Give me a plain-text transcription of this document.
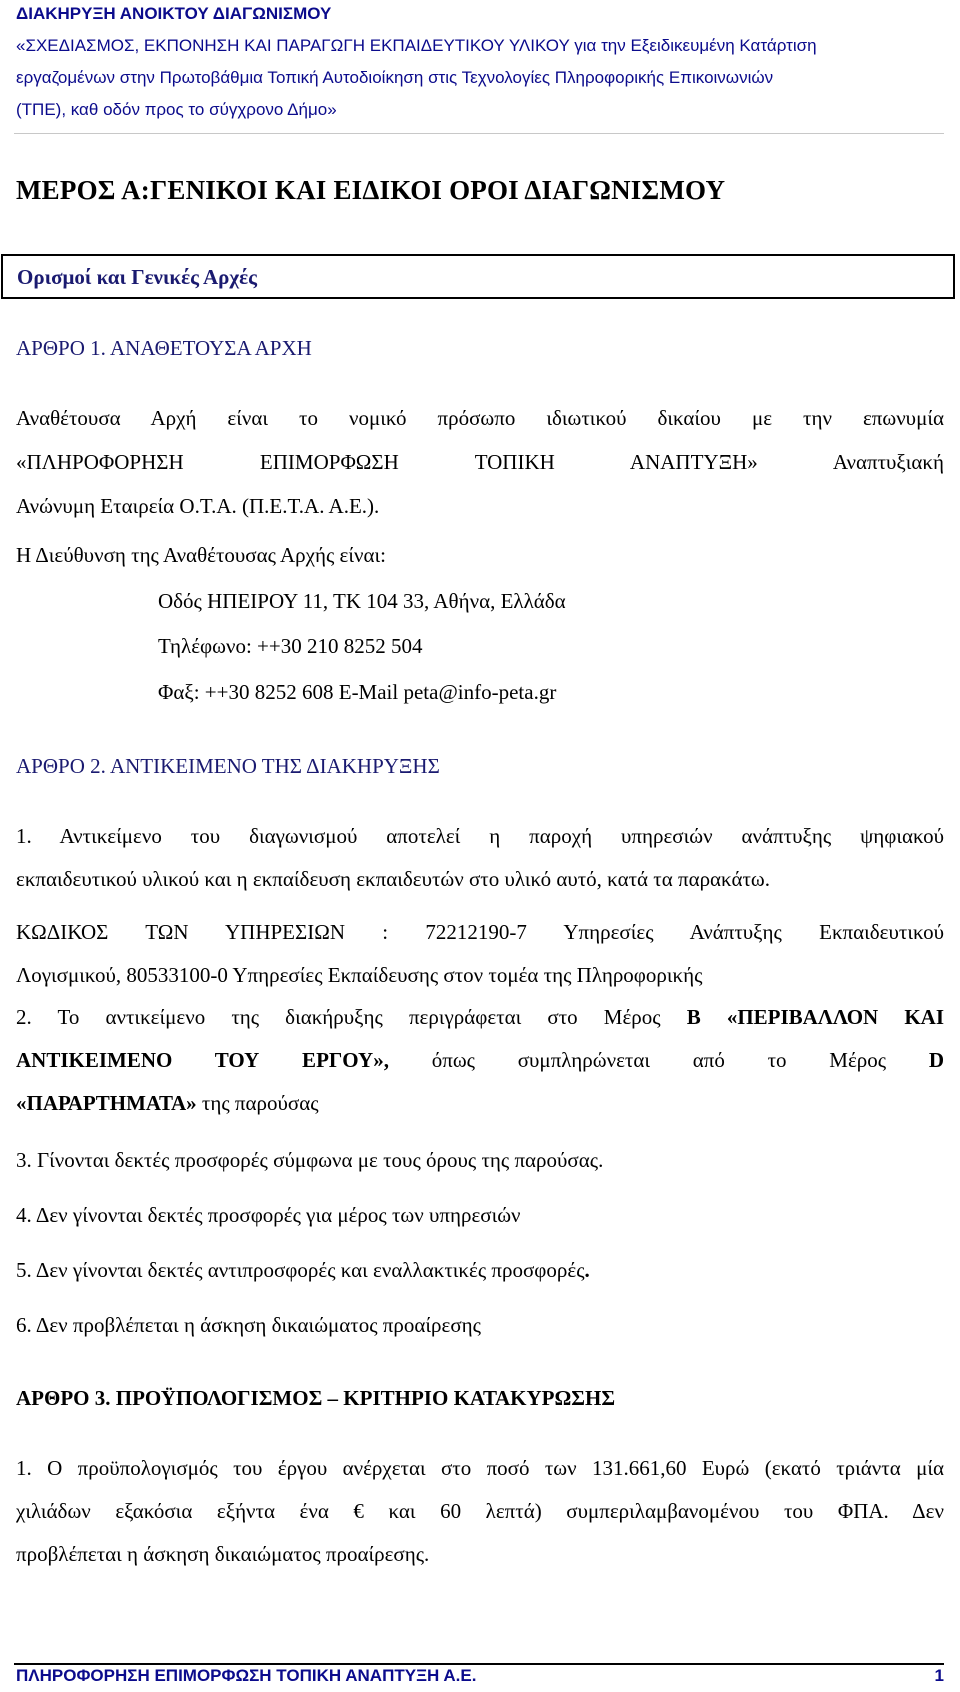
ΔΙΑΚΗΡΥΞΗ ΑΝΟΙΚΤΟΥ ΔΙΑΓΩΝΙΣΜΟΥ
«ΣΧΕΔΙΑΣΜΟΣ, ΕΚΠΟΝΗΣΗ ΚΑΙ ΠΑΡΑΓΩΓΗ ΕΚΠΑΙΔΕΥΤΙΚΟΥ ΥΛΙΚΟΥ για την Εξειδικευμένη Κατάρτιση
εργαζομένων στην Πρωτοβάθμια Τοπική Αυτοδιοίκηση στις Τεχνολογίες Πληροφορικής Επικοινωνιών
(ΤΠΕ), καθ οδόν προς το σύγχρονο Δήμο»
ΜΕΡΟΣ Α:ΓΕΝΙΚΟΙ ΚΑΙ ΕΙΔΙΚΟΙ ΟΡΟΙ ΔΙΑΓΩΝΙΣΜΟΥ
Ορισμοί και Γενικές Αρχές

ΑΡΘΡΟ 1. ΑΝΑΘΕΤΟΥΣΑ ΑΡΧΗ

Αναθέτουσα Αρχή είναι το νομικό πρόσωπο ιδιωτικού δικαίου με την επωνυμία

«ΠΛΗΡΟΦΟΡΗΣΗ ΕΠΙΜΟΡΦΩΣΗ ΤΟΠΙΚΗ ΑΝΑΠΤΥΞΗ» Αναπτυξιακή

Ανώνυμη Εταιρεία Ο.Τ.Α. (Π.Ε.Τ.Α. Α.Ε.).

Η Διεύθυνση της Αναθέτουσας Αρχής είναι:

Οδός ΗΠΕΙΡΟΥ 11, ΤΚ 104 33, Αθήνα, Ελλάδα

Τηλέφωνο: ++30 210 8252 504

Φαξ: ++30 8252 608 E-Mail peta@info-peta.gr

ΑΡΘΡΟ 2. ΑΝΤΙΚΕΙΜΕΝΟ ΤΗΣ ΔΙΑΚΗΡΥΞΗΣ

1. Αντικείμενο του διαγωνισμού αποτελεί η παροχή υπηρεσιών ανάπτυξης ψηφιακού

εκπαιδευτικού υλικού και η εκπαίδευση εκπαιδευτών στο υλικό αυτό, κατά τα παρακάτω.

ΚΩΔΙΚΟΣ ΤΩΝ ΥΠΗΡΕΣΙΩΝ : 72212190-7 Υπηρεσίες Ανάπτυξης Εκπαιδευτικού

Λογισμικού, 80533100-0 Υπηρεσίες Εκπαίδευσης στον τομέα της Πληροφορικής

2. Το αντικείμενο της διακήρυξης περιγράφεται στο Μέρος Β «ΠΕΡΙΒΑΛΛΟΝ ΚΑΙ

ΑΝΤΙΚΕΙΜΕΝΟ ΤΟΥ ΕΡΓΟΥ», όπως συμπληρώνεται από το Μέρος D

«ΠΑΡΑΡΤΗΜΑΤΑ» της παρούσας

3. Γίνονται δεκτές προσφορές σύμφωνα με τους όρους της παρούσας.

4. Δεν γίνονται δεκτές προσφορές για μέρος των υπηρεσιών

5. Δεν γίνονται δεκτές αντιπροσφορές και εναλλακτικές προσφορές.

6. Δεν προβλέπεται η άσκηση δικαιώματος προαίρεσης

ΑΡΘΡΟ 3. ΠΡΟΫΠΟΛΟΓΙΣΜΟΣ – ΚΡΙΤΗΡΙΟ ΚΑΤΑΚΥΡΩΣΗΣ

1. Ο προϋπολογισμός του έργου ανέρχεται στο ποσό των 131.661,60 Ευρώ (εκατό τριάντα μία

χιλιάδων εξακόσια εξήντα ένα € και 60 λεπτά) συμπεριλαμβανομένου του ΦΠΑ. Δεν

προβλέπεται η άσκηση δικαιώματος προαίρεσης.

ΠΛΗΡΟΦΟΡΗΣΗ ΕΠΙΜΟΡΦΩΣΗ ΤΟΠΙΚΗ ΑΝΑΠΤΥΞΗ Α.Ε.	1
